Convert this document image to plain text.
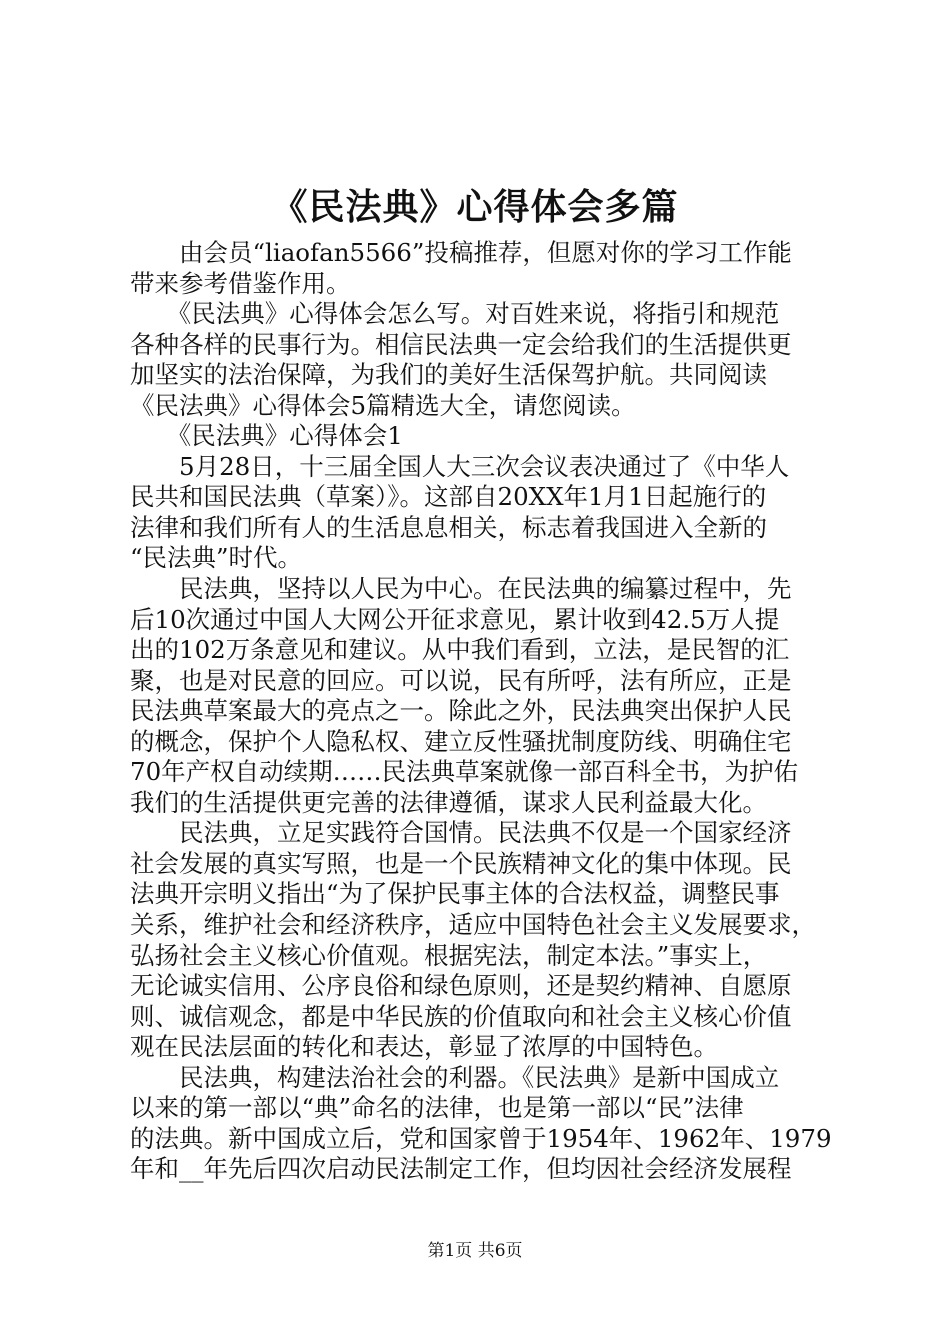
《民法典》心得体会多篇
　　由会员“liaofan5566”投稿推荐，但愿对你的学习工作能
带来参考借鉴作用。
　　《民法典》心得体会怎么写。对百姓来说，将指引和规范
各种各样的民事行为。相信民法典一定会给我们的生活提供更
加坚实的法治保障，为我们的美好生活保驾护航。共同阅读
《民法典》心得体会5篇精选大全，请您阅读。
　　《民法典》心得体会1
　　5月28日，十三届全国人大三次会议表决通过了《中华人
民共和国民法典（草案）》。这部自20XX年1月1日起施行的
法律和我们所有人的生活息息相关，标志着我国进入全新的
“民法典”时代。
　　民法典，坚持以人民为中心。在民法典的编纂过程中，先
后10次通过中国人大网公开征求意见，累计收到42.5万人提
出的102万条意见和建议。从中我们看到，立法，是民智的汇
聚，也是对民意的回应。可以说，民有所呼，法有所应，正是
民法典草案最大的亮点之一。除此之外，民法典突出保护人民
的概念，保护个人隐私权、建立反性骚扰制度防线、明确住宅
70年产权自动续期……民法典草案就像一部百科全书，为护佑
我们的生活提供更完善的法律遵循，谋求人民利益最大化。
　　民法典，立足实践符合国情。民法典不仅是一个国家经济
社会发展的真实写照，也是一个民族精神文化的集中体现。民
法典开宗明义指出“为了保护民事主体的合法权益，调整民事
关系，维护社会和经济秩序，适应中国特色社会主义发展要求，
弘扬社会主义核心价值观。根据宪法，制定本法。”事实上，
无论诚实信用、公序良俗和绿色原则，还是契约精神、自愿原
则、诚信观念，都是中华民族的价值取向和社会主义核心价值
观在民法层面的转化和表达，彰显了浓厚的中国特色。
　　民法典，构建法治社会的利器。《民法典》是新中国成立
以来的第一部以“典”命名的法律，也是第一部以“民”法律
的法典。新中国成立后，党和国家曾于1954年、1962年、1979
年和__年先后四次启动民法制定工作，但均因社会经济发展程
第1页 共6页
